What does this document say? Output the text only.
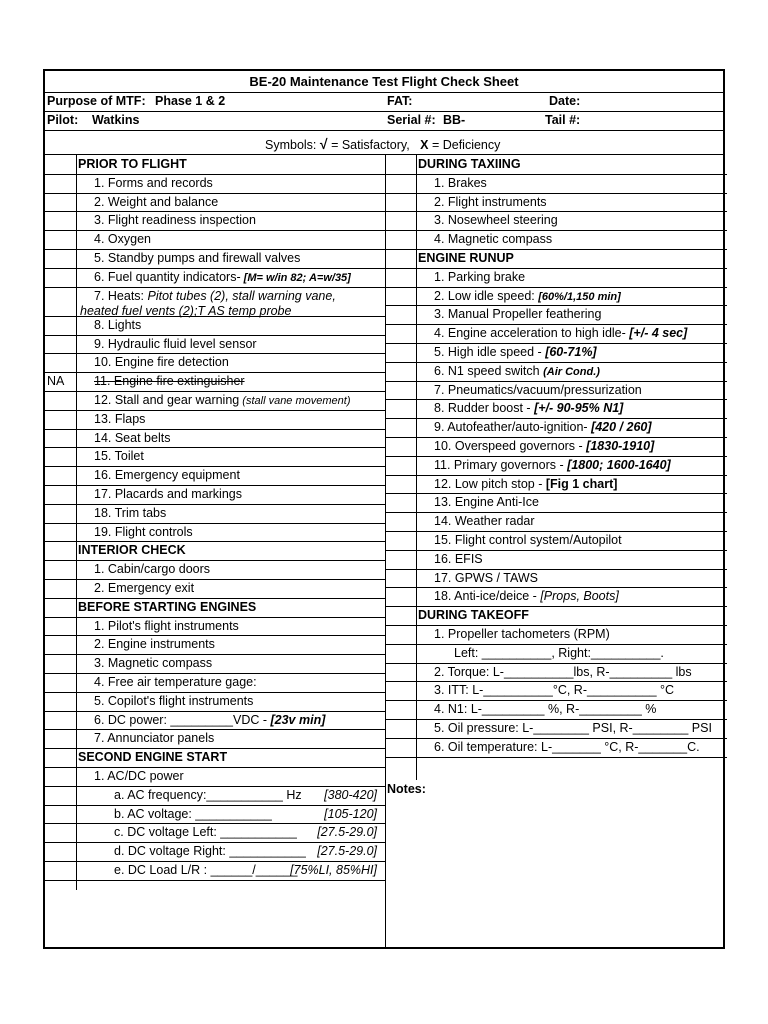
BE-20 Maintenance Test Flight Check Sheet
Purpose of MTF: Phase 1 & 2	FAT:	Date:
Pilot: Watkins	Serial #: BB-	Tail #:
Symbols: √ = Satisfactory, X = Deficiency
Notes:
PRIOR TO FLIGHT
1. Forms and records
2. Weight and balance
3. Flight readiness inspection
4. Oxygen
5. Standby pumps and firewall valves
6. Fuel quantity indicators- [M= w/in 82; A=w/35]
7. Heats: Pitot tubes (2), stall warning vane,
heated fuel vents (2);T AS temp probe
8. Lights
9. Hydraulic fluid level sensor
10. Engine fire detection
11. Engine fire extinguisher
NA
12. Stall and gear warning (stall vane movement)
13. Flaps
14. Seat belts
15. Toilet
16. Emergency equipment
17. Placards and markings
18. Trim tabs
19. Flight controls
INTERIOR CHECK
1. Cabin/cargo doors
2. Emergency exit
BEFORE STARTING ENGINES
1. Pilot's flight instruments
2. Engine instruments
3. Magnetic compass
4. Free air temperature gage:
5. Copilot's flight instruments
6. DC power: _________VDC - [23v min]
7. Annunciator panels
SECOND ENGINE START
1. AC/DC power
a. AC frequency:___________ Hz [380-420]
b. AC voltage: ___________	[105-120]
c. DC voltage Left: ___________ [27.5-29.0]
d. DC voltage Right: ___________ [27.5-29.0]
e. DC Load L/R : ______/______
[75%LI, 85%HI]
DURING TAXIING
1. Brakes
2. Flight instruments
3. Nosewheel steering
4. Magnetic compass
ENGINE RUNUP
1. Parking brake
2. Low idle speed: [60%/1,150 min]
3. Manual Propeller feathering
4. Engine acceleration to high idle- [+/- 4 sec]
5. High idle speed - [60-71%]
6. N1 speed switch (Air Cond.)
7. Pneumatics/vacuum/pressurization
8. Rudder boost - [+/- 90-95% N1]
9. Autofeather/auto-ignition- [420 / 260]
10. Overspeed governors - [1830-1910]
11. Primary governors - [1800; 1600-1640]
12. Low pitch stop - [Fig 1 chart]
13. Engine Anti-Ice
14. Weather radar
15. Flight control system/Autopilot
16. EFIS
17. GPWS / TAWS
18. Anti-ice/deice - [Props, Boots]
DURING TAKEOFF
1. Propeller tachometers (RPM)
Left: __________, Right:__________.
2. Torque: L-__________lbs, R-_________ lbs
3. ITT: L-__________°C, R-__________ °C
4. N1: L-_________ %, R-_________ %
5. Oil pressure: L-________ PSI, R-________ PSI
6. Oil temperature: L-_______ °C, R-_______C.
